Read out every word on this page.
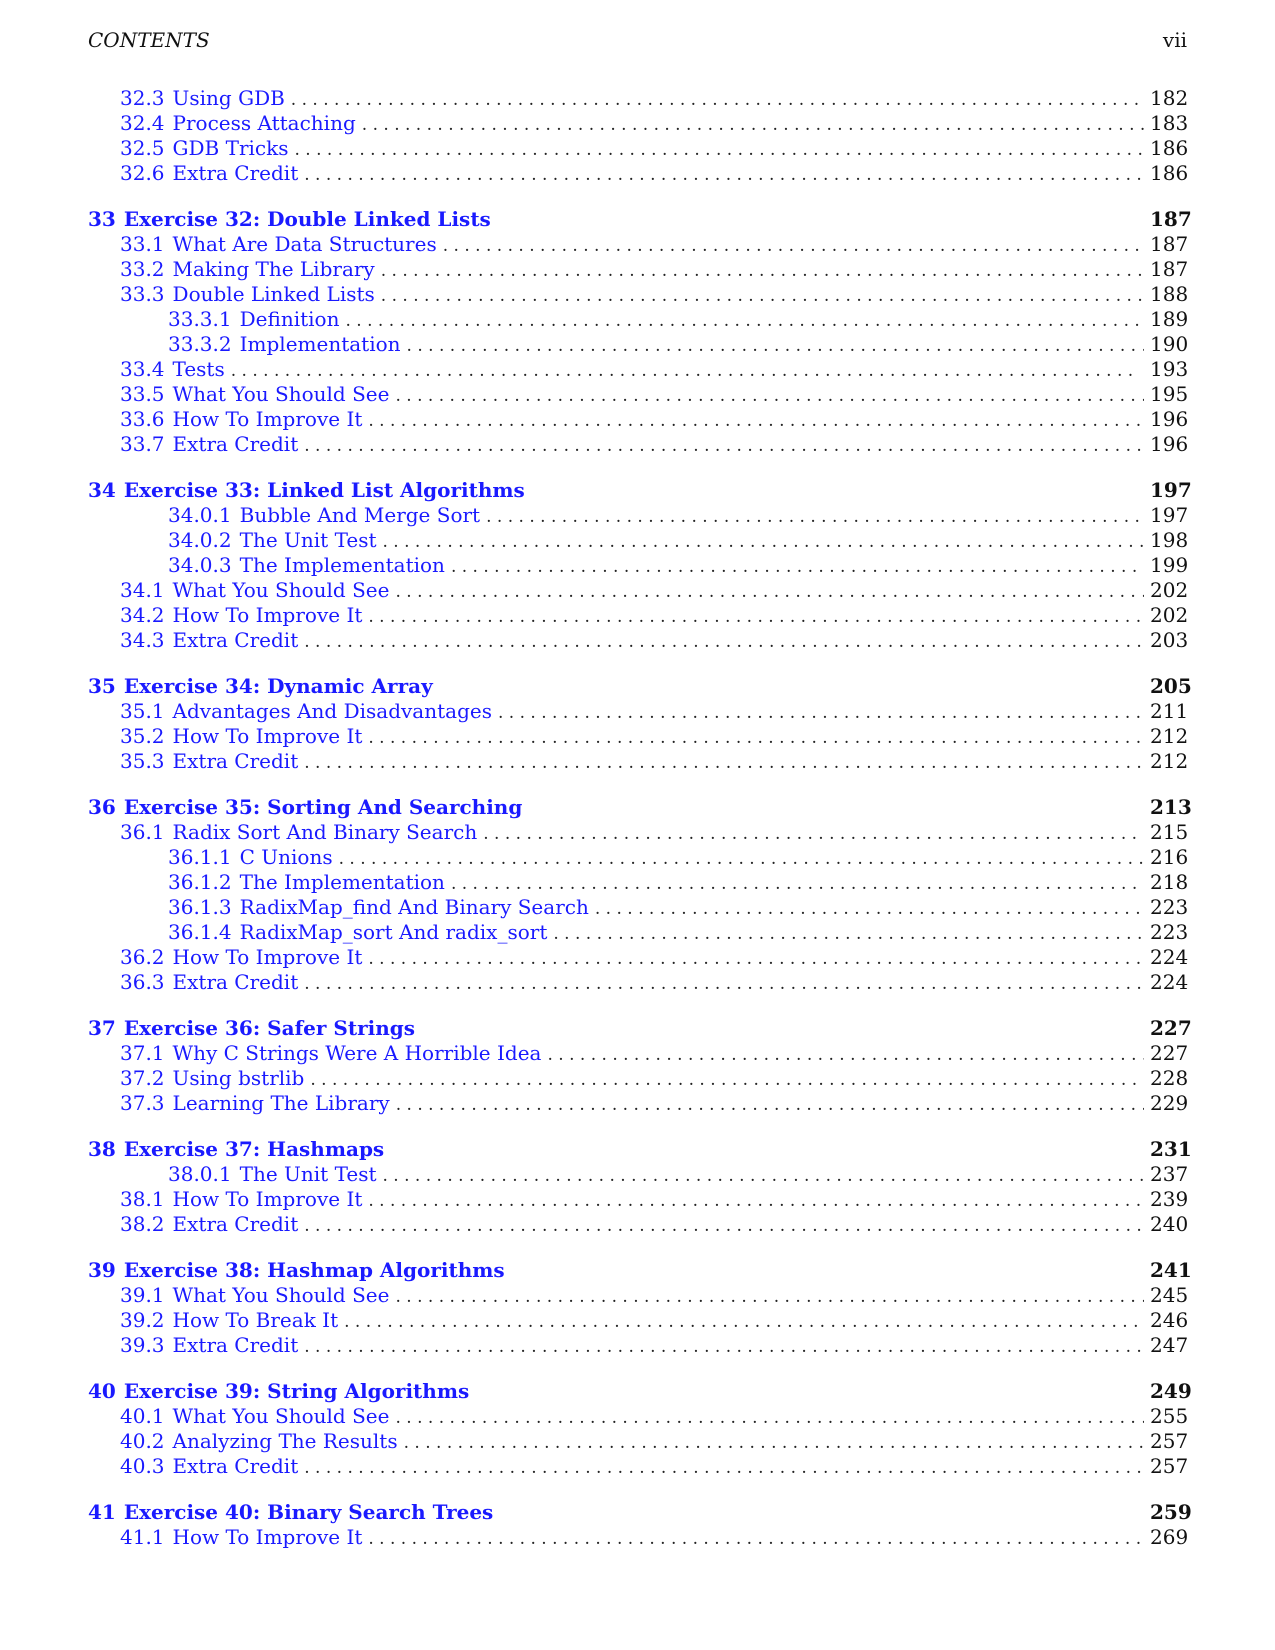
CONTENTS	vii
32.3 Using GDB . . .	182
32.4 Process Attaching . . .	183
32.5 GDB Tricks . . .	186
32.6 Extra Credit . . .	186
33 Exercise 32: Double Linked Lists	187
33.1 What Are Data Structures . . .	187
33.2 Making The Library . . .	187
33.3 Double Linked Lists . . .	188
33.3.1 Definition . . .	189
33.3.2 Implementation . . .	190
33.4 Tests . . .	193
33.5 What You Should See . . .	195
33.6 How To Improve It . . .	196
33.7 Extra Credit . . .	196
34 Exercise 33: Linked List Algorithms	197
34.0.1 Bubble And Merge Sort . . .	197
34.0.2 The Unit Test . . .	198
34.0.3 The Implementation . . .	199
34.1 What You Should See . . .	202
34.2 How To Improve It . . .	202
34.3 Extra Credit . . .	203
35 Exercise 34: Dynamic Array	205
35.1 Advantages And Disadvantages . . .	211
35.2 How To Improve It . . .	212
35.3 Extra Credit . . .	212
36 Exercise 35: Sorting And Searching	213
36.1 Radix Sort And Binary Search . . .	215
36.1.1 C Unions . . .	216
36.1.2 The Implementation . . .	218
36.1.3 RadixMap_find And Binary Search . . .	223
36.1.4 RadixMap_sort And radix_sort . . .	223
36.2 How To Improve It . . .	224
36.3 Extra Credit . . .	224
37 Exercise 36: Safer Strings	227
37.1 Why C Strings Were A Horrible Idea . . .	227
37.2 Using bstrlib . . .	228
37.3 Learning The Library . . .	229
38 Exercise 37: Hashmaps	231
38.0.1 The Unit Test . . .	237
38.1 How To Improve It . . .	239
38.2 Extra Credit . . .	240
39 Exercise 38: Hashmap Algorithms	241
39.1 What You Should See . . .	245
39.2 How To Break It . . .	246
39.3 Extra Credit . . .	247
40 Exercise 39: String Algorithms	249
40.1 What You Should See . . .	255
40.2 Analyzing The Results . . .	257
40.3 Extra Credit . . .	257
41 Exercise 40: Binary Search Trees	259
41.1 How To Improve It . . .	269
